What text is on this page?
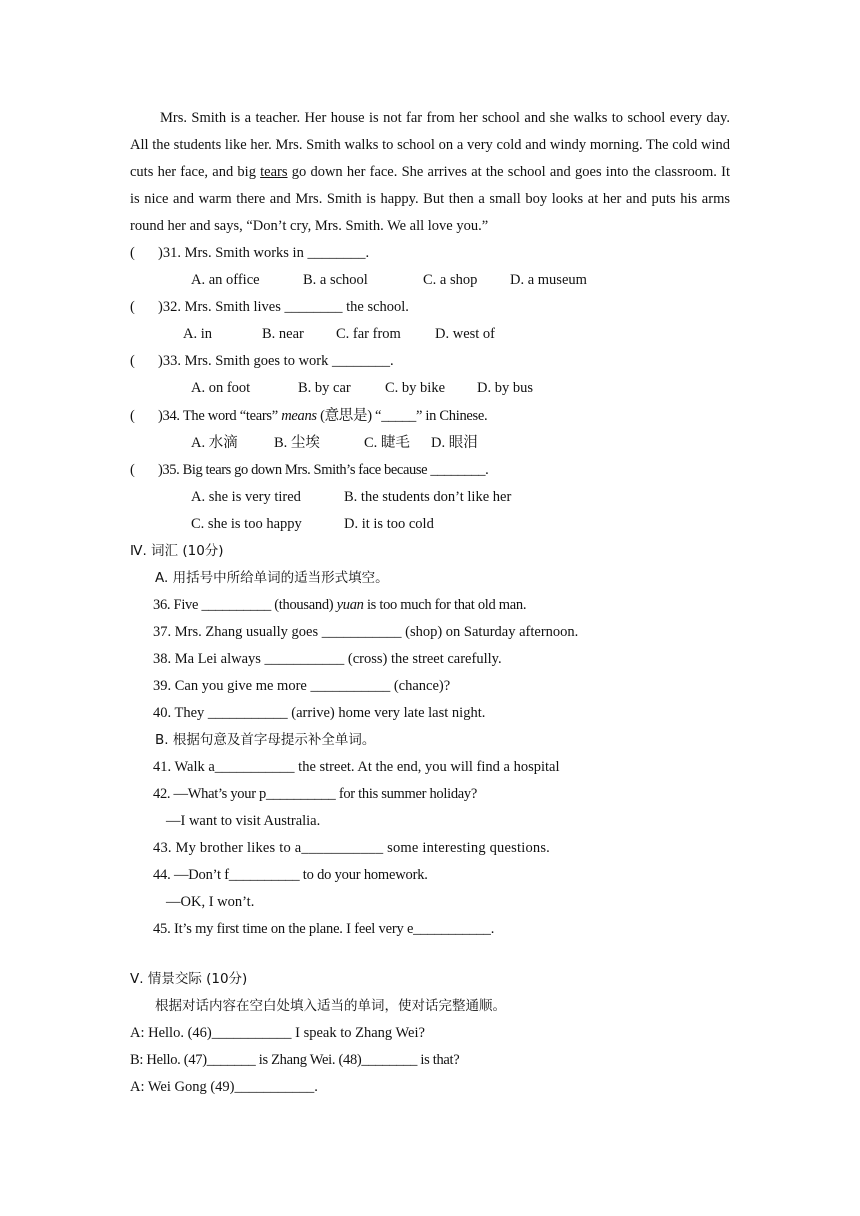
Mrs. Smith is a teacher. Her house is not far from her school and she walks to school every day. All the students like her. Mrs. Smith walks to school on a very cold and windy morning. The cold wind cuts her face, and big tears go down her face. She arrives at the school and goes into the classroom. It is nice and warm there and Mrs. Smith is happy. But then a small boy looks at her and puts his arms round her and says, “Don’t cry, Mrs. Smith. We all love you.”
( )31. Mrs. Smith works in ________.
A. an office	B. a school	C. a shop D. a museum
( )32. Mrs. Smith lives ________ the school.
A. in	B. near C. far from D. west of
( )33. Mrs. Smith goes to work ________.
A. on foot	B. by car C. by bike D. by bus
( )34. The word “tears” means (意思是) “_____” in Chinese.
A. 水滴	B. 尘埃	C. 睫毛 D. 眼泪
( )35. Big tears go down Mrs. Smith’s face because ________.
A. she is very tired	B. the students don’t like her
C. she is too happy	D. it is too cold
Ⅳ. 词汇 (10分)
A. 用括号中所给单词的适当形式填空。
36. Five __________ (thousand) yuan is too much for that old man.
37. Mrs. Zhang usually goes ___________ (shop) on Saturday afternoon.
38. Ma Lei always ___________ (cross) the street carefully.
39. Can you give me more ___________ (chance)?
40. They ___________ (arrive) home very late last night.
B. 根据句意及首字母提示补全单词。
41. Walk a___________ the street. At the end, you will find a hospital
42. —What’s your p__________ for this summer holiday?
—I want to visit Australia.
43. My brother likes to a___________ some interesting questions.
44. —Don’t f__________ to do your homework.
—OK, I won’t.
45. It’s my first time on the plane. I feel very e___________.
Ⅴ. 情景交际 (10分)
根据对话内容在空白处填入适当的单词，使对话完整通顺。
A: Hello. (46)___________ I speak to Zhang Wei?
B: Hello. (47)_______ is Zhang Wei. (48)________ is that?
A: Wei Gong (49)___________.
